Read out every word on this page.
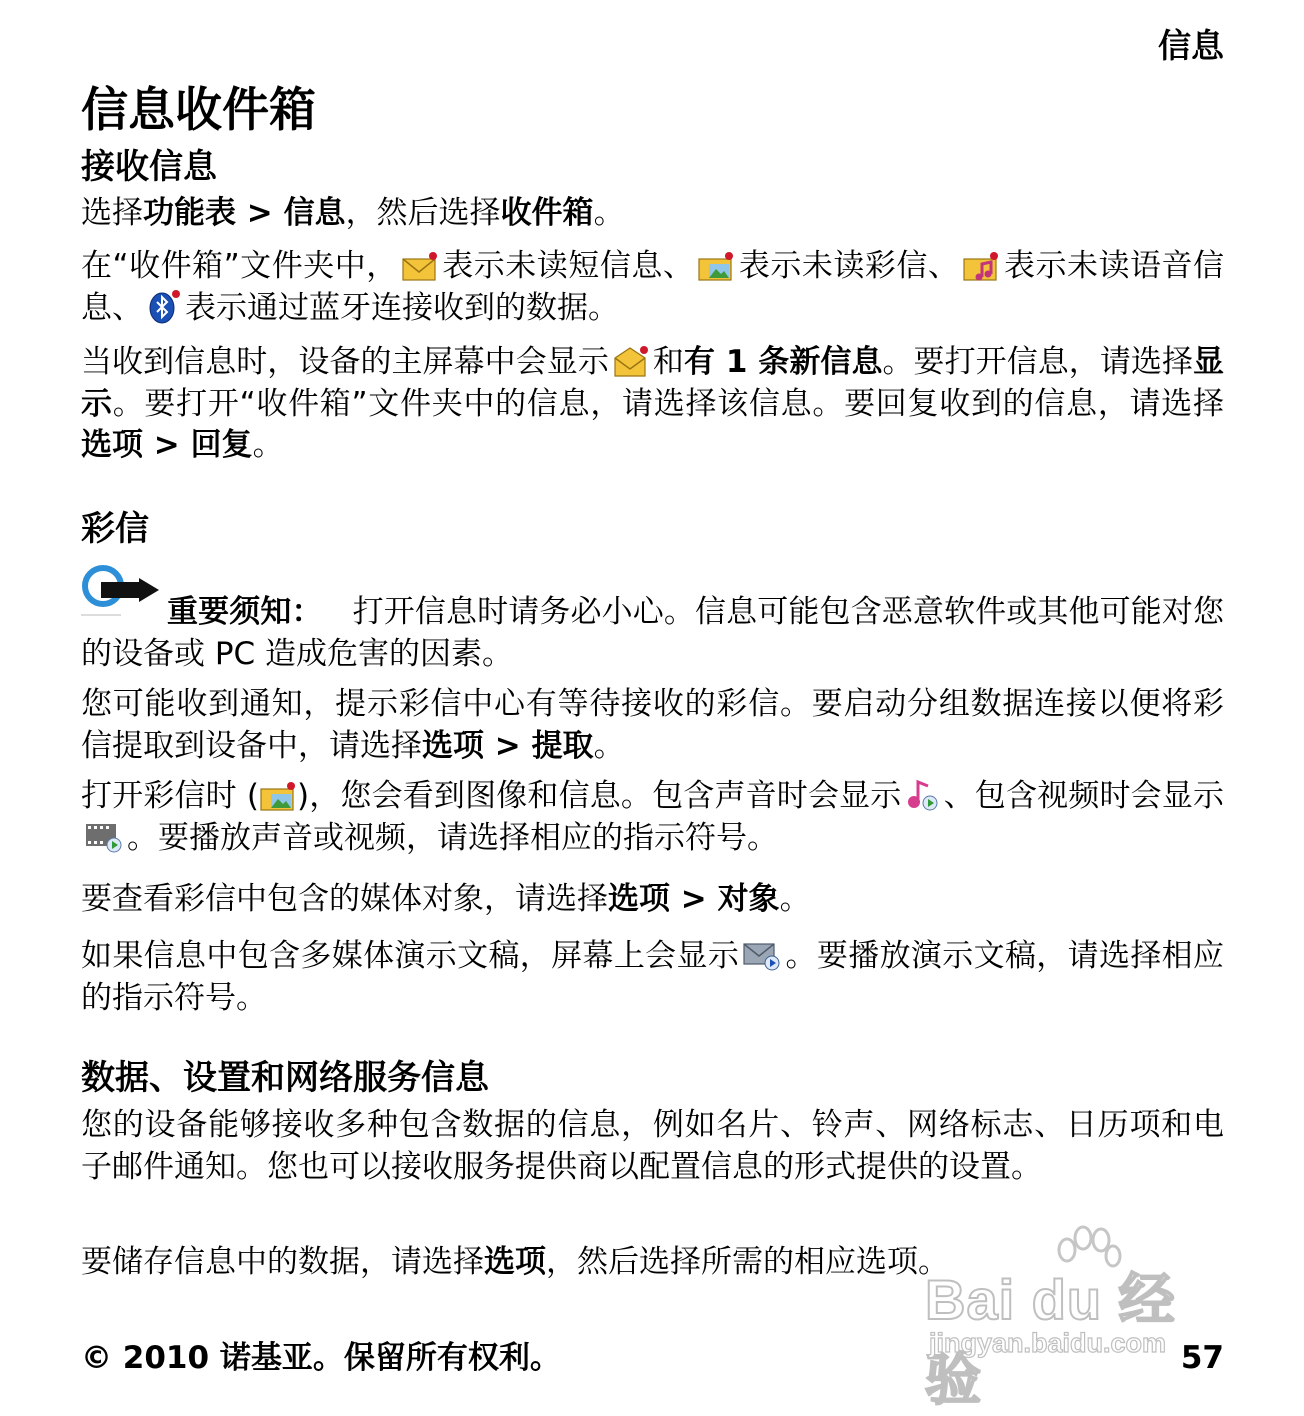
信息
信息收件箱
接收信息
选择功能表 > 信息，然后选择收件箱。
在“收件箱”文件夹中， 表示未读短信息、 表示未读彩信、 表示未读语音信息、 表示通过蓝牙连接收到的数据。
当收到信息时，设备的主屏幕中会显示 和有 1 条新信息。要打开信息，请选择显示。要打开“收件箱”文件夹中的信息，请选择该信息。要回复收到的信息，请选择选项 > 回复。
彩信
重要须知： 打开信息时请务必小心。信息可能包含恶意软件或其他可能对您的设备或 PC 造成危害的因素。
您可能收到通知，提示彩信中心有等待接收的彩信。要启动分组数据连接以便将彩信提取到设备中，请选择选项 > 提取。
打开彩信时 ( )，您会看到图像和信息。包含声音时会显示 、包含视频时会显示
。要播放声音或视频，请选择相应的指示符号。
要查看彩信中包含的媒体对象，请选择选项 > 对象。
如果信息中包含多媒体演示文稿，屏幕上会显示 。要播放演示文稿，请选择相应的指示符号。
数据、设置和网络服务信息
您的设备能够接收多种包含数据的信息，例如名片、铃声、网络标志、日历项和电子邮件通知。您也可以接收服务提供商以配置信息的形式提供的设置。
要储存信息中的数据，请选择选项，然后选择所需的相应选项。
© 2010 诺基亚。保留所有权利。	57
Bai du 经验
jingyan.baidu.com
